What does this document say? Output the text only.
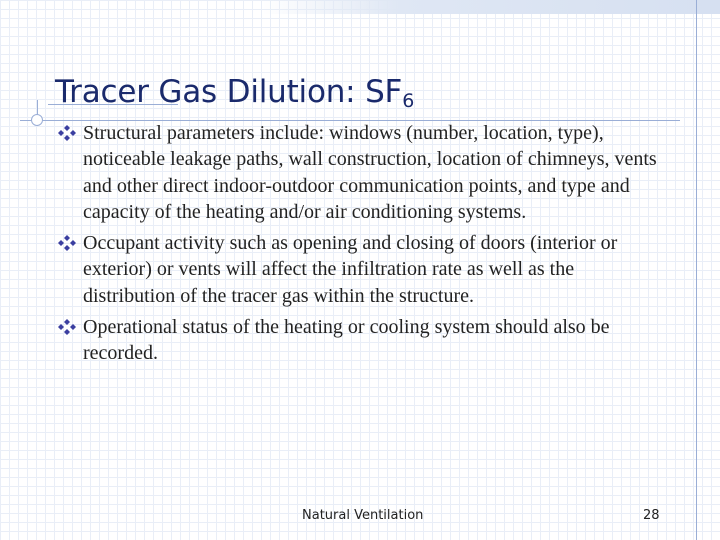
Tracer Gas Dilution: $SF_6$
Structural parameters include: windows (number, location, type), noticeable leakage paths, wall construction, location of chimneys, vents and other direct indoor-outdoor communication points, and type and capacity of the heating and/or air conditioning systems.
Occupant activity such as opening and closing of doors (interior or exterior) or vents will affect the infiltration rate as well as the distribution of the tracer gas within the structure.
Operational status of the heating or cooling system should also be recorded.
Natural Ventilation	28
